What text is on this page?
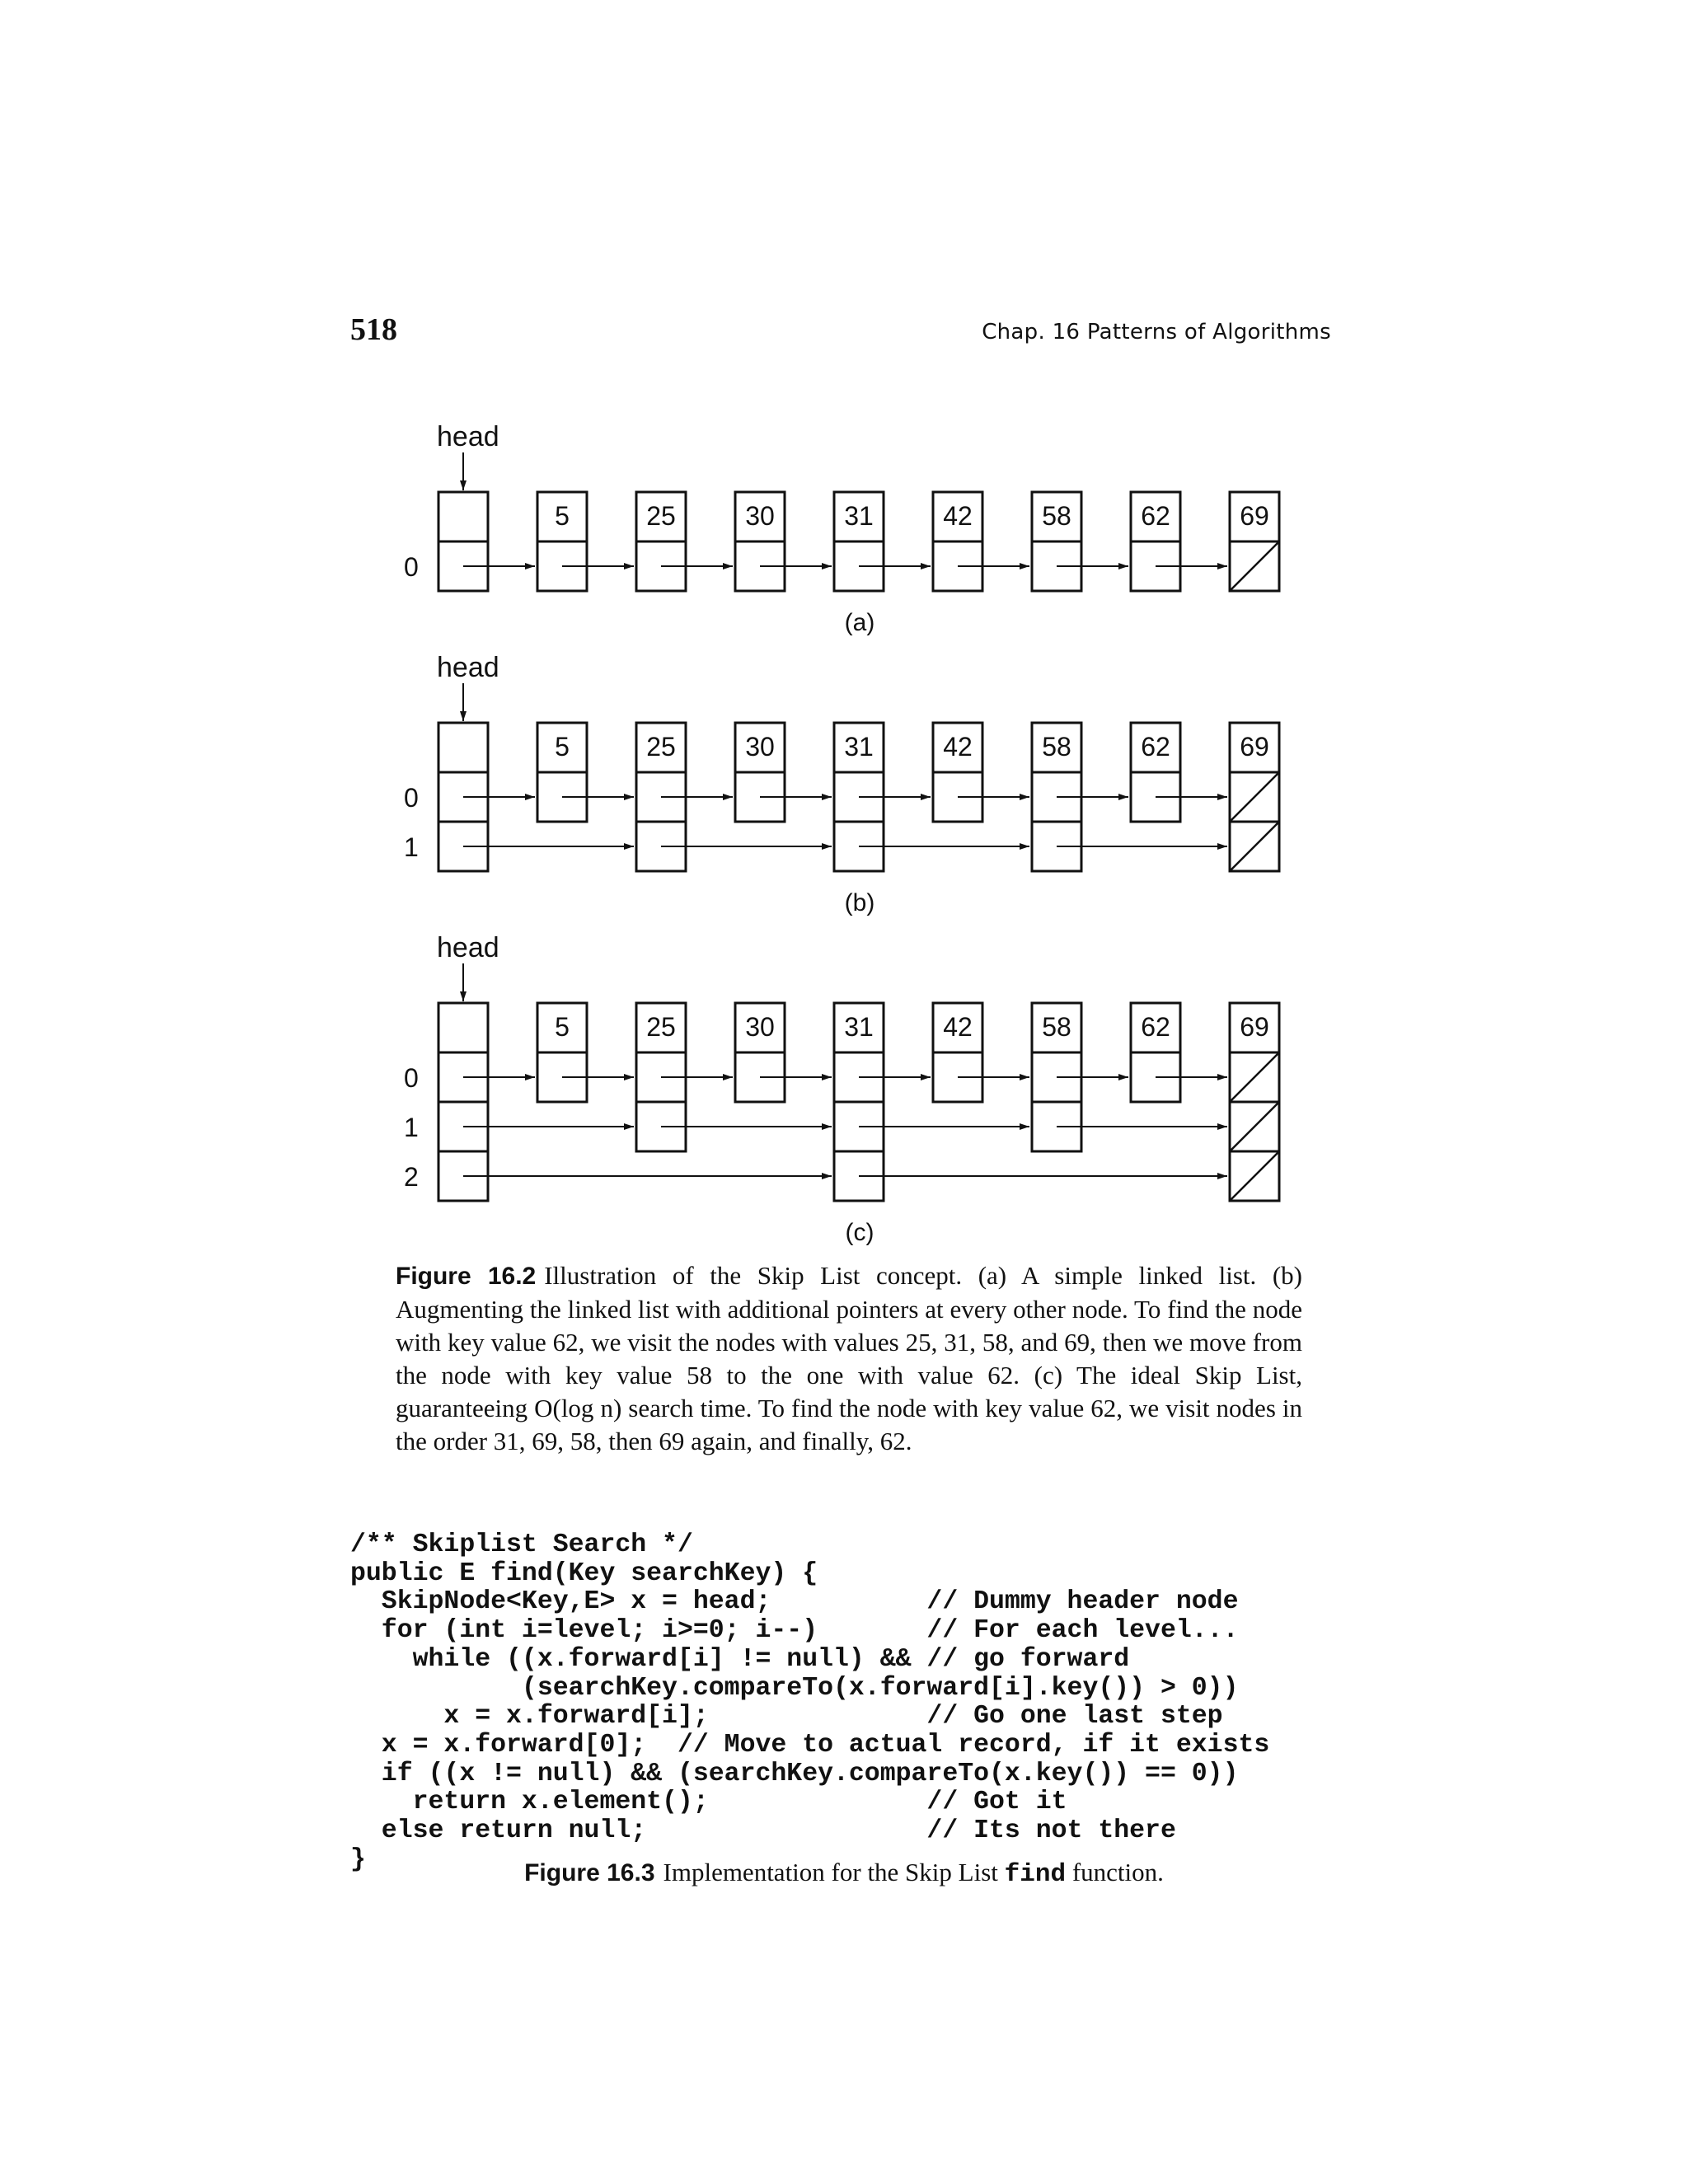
518	Chap. 16 Patterns of Algorithms
head
0
5	25	30	31	42	58	62	69
(a)
head
0
1
5	25	30	31	42	58	62	69
(b)
head
0
1
2
5	25	30	31	42	58	62	69
(c)
Figure 16.2 Illustration of the Skip List concept. (a) A simple linked list. (b) Augmenting the linked list with additional pointers at every other node. To find the node with key value 62, we visit the nodes with values 25, 31, 58, and 69, then we move from the node with key value 58 to the one with value 62. (c) The ideal Skip List, guaranteeing O(log n) search time. To find the node with key value 62, we visit nodes in the order 31, 69, 58, then 69 again, and finally, 62.
/** Skiplist Search */
public E find(Key searchKey) {
SkipNode<Key,E> x = head;          // Dummy header node
for (int i=level; i>=0; i--)       // For each level...
while ((x.forward[i] != null) && // go forward
(searchKey.compareTo(x.forward[i].key()) > 0))
x = x.forward[i];              // Go one last step
x = x.forward[0];  // Move to actual record, if it exists
if ((x != null) && (searchKey.compareTo(x.key()) == 0))
return x.element();              // Got it
else return null;                  // Its not there
}	Figure 16.3 Implementation for the Skip List find function.
